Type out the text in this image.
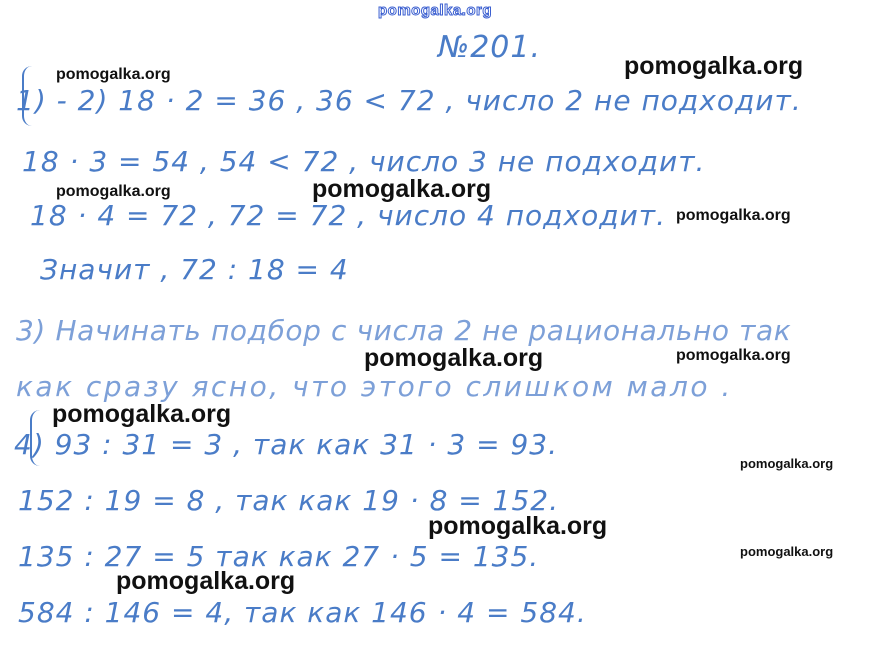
pomogalka.org
№201.
1) - 2) 18 · 2 = 36 , 36 < 72 , число 2 не подходит.
18 · 3 = 54 , 54 < 72 , число 3 не подходит.
18 · 4 = 72 , 72 = 72 , число 4 подходит.
Значит , 72 : 18 = 4
3) Начинать подбор с числа 2 не рационально так
как сразу ясно, что этого слишком мало .
4) 93 : 31 = 3 , так как 31 · 3 = 93.
152 : 19 = 8 , так как 19 · 8 = 152.
135 : 27 = 5 так как 27 · 5 = 135.
584 : 146 = 4, так как 146 · 4 = 584.
pomogalka.org	pomogalka.org
pomogalka.org	pomogalka.org
pomogalka.org
pomogalka.org	pomogalka.org
pomogalka.org
pomogalka.org
pomogalka.org
pomogalka.org
pomogalka.org
